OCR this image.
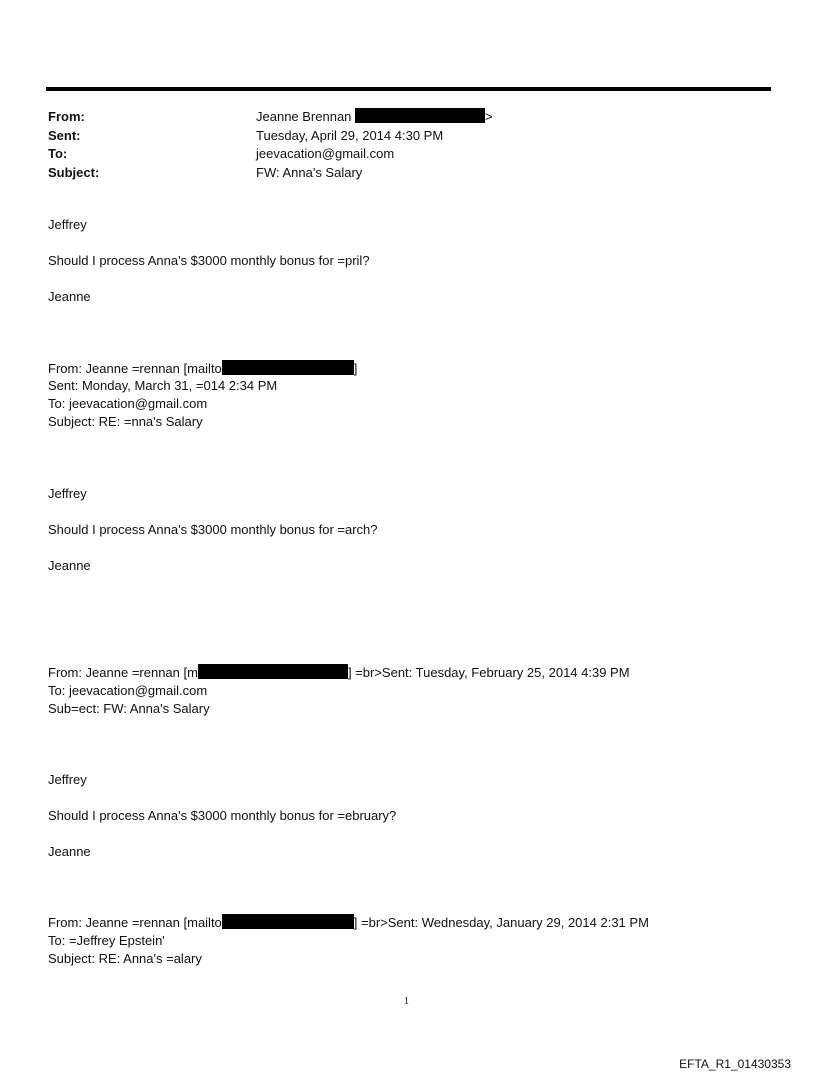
From:	Jeanne Brennan	>
Sent:	Tuesday, April 29, 2014 4:30 PM
To:	jeevacation@gmail.com
Subject:	FW: Anna's Salary
Jeffrey
Should I process Anna's $3000 monthly bonus for =pril?
Jeanne
From: Jeanne =rennan [mailto	]
Sent: Monday, March 31, =014 2:34 PM
To: jeevacation@gmail.com
Subject: RE: =nna's Salary
Jeffrey
Should I process Anna's $3000 monthly bonus for =arch?
Jeanne
From: Jeanne =rennan [m	] =br>Sent: Tuesday, February 25, 2014 4:39 PM
To: jeevacation@gmail.com
Sub=ect: FW: Anna's Salary
Jeffrey
Should I process Anna's $3000 monthly bonus for =ebruary?
Jeanne
From: Jeanne =rennan [mailto	] =br>Sent: Wednesday, January 29, 2014 2:31 PM
To: =Jeffrey Epstein'
Subject: RE: Anna's =alary
1
EFTA_R1_01430353
